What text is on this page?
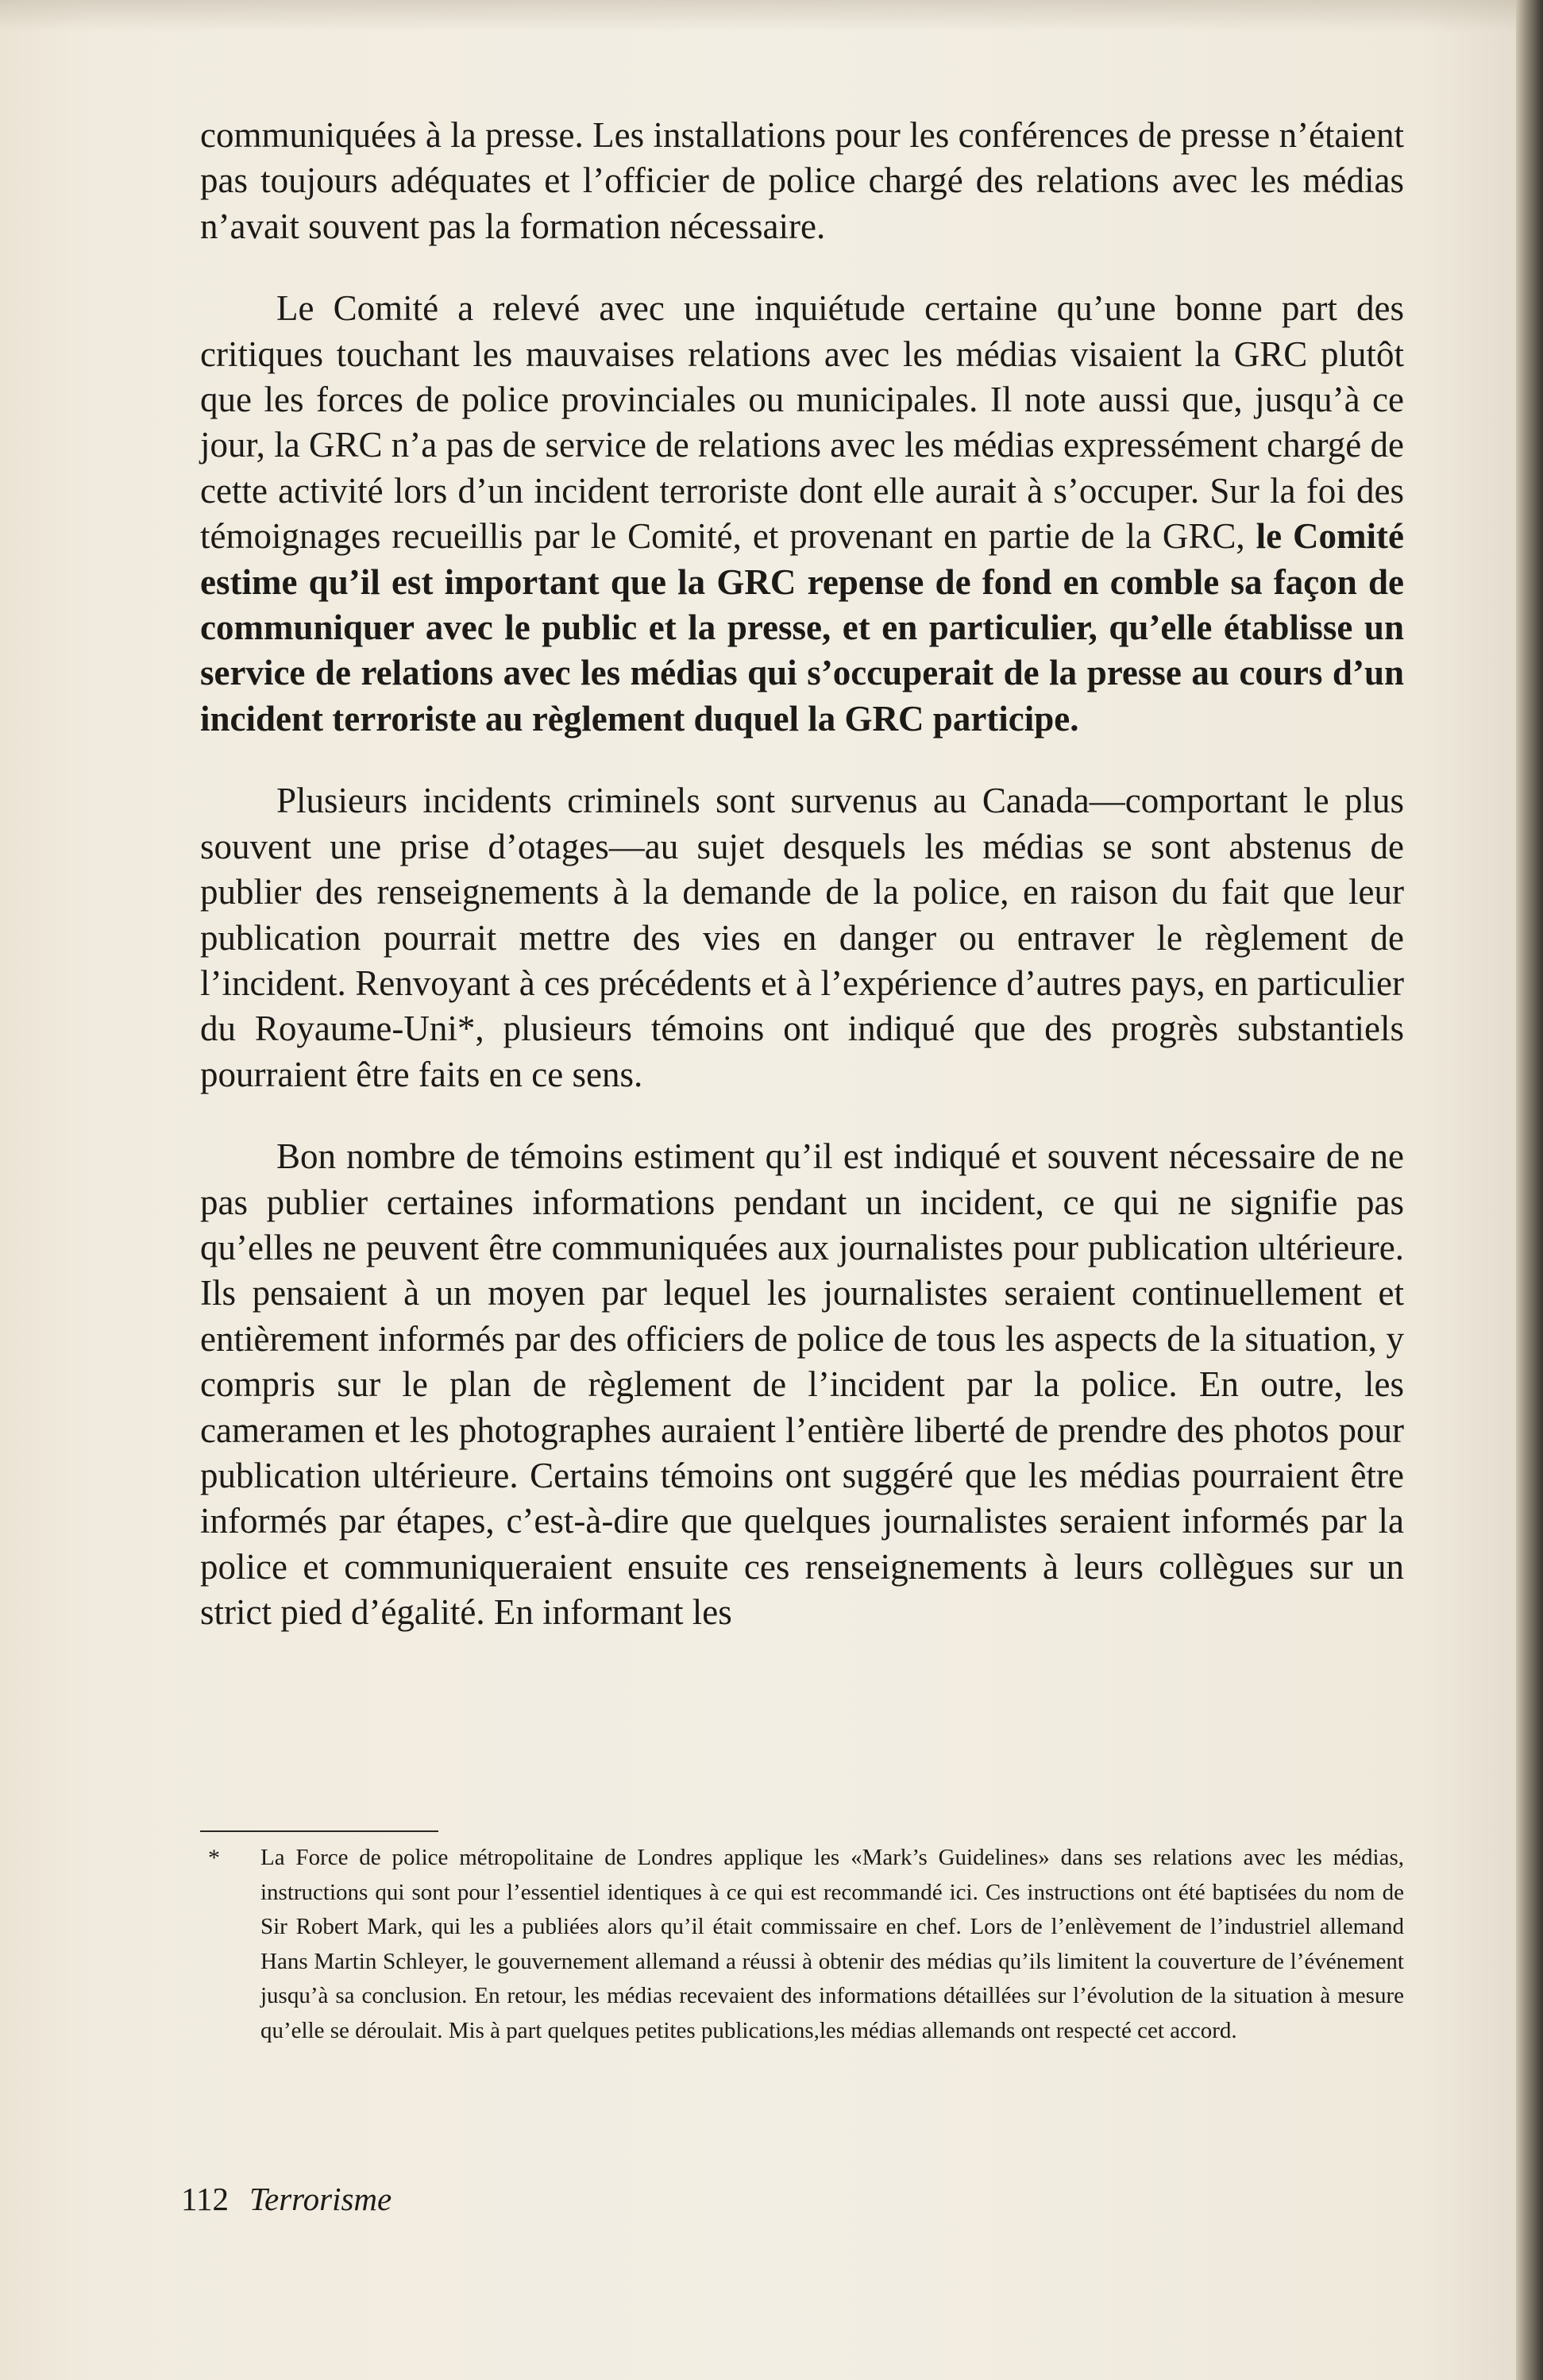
communiquées à la presse. Les installations pour les conférences de presse n’étaient pas toujours adéquates et l’officier de police chargé des relations avec les médias n’avait souvent pas la formation nécessaire.

Le Comité a relevé avec une inquiétude certaine qu’une bonne part des critiques touchant les mauvaises relations avec les médias visaient la GRC plutôt que les forces de police provinciales ou municipales. Il note aussi que, jusqu’à ce jour, la GRC n’a pas de service de relations avec les médias expressément chargé de cette activité lors d’un incident terroriste dont elle aurait à s’occuper. Sur la foi des témoignages recueillis par le Comité, et provenant en partie de la GRC, le Comité estime qu’il est important que la GRC repense de fond en comble sa façon de communiquer avec le public et la presse, et en particulier, qu’elle établisse un service de relations avec les médias qui s’occuperait de la presse au cours d’un incident terroriste au règlement duquel la GRC participe.

Plusieurs incidents criminels sont survenus au Canada—comportant le plus souvent une prise d’otages—au sujet desquels les médias se sont abstenus de publier des renseignements à la demande de la police, en raison du fait que leur publication pourrait mettre des vies en danger ou entraver le règlement de l’incident. Renvoyant à ces précédents et à l’expérience d’autres pays, en particulier du Royaume-Uni*, plusieurs témoins ont indiqué que des progrès substantiels pourraient être faits en ce sens.

Bon nombre de témoins estiment qu’il est indiqué et souvent nécessaire de ne pas publier certaines informations pendant un incident, ce qui ne signifie pas qu’elles ne peuvent être communiquées aux journalistes pour publication ultérieure. Ils pensaient à un moyen par lequel les journalistes seraient continuellement et entièrement informés par des officiers de police de tous les aspects de la situation, y compris sur le plan de règlement de l’incident par la police. En outre, les cameramen et les photographes auraient l’entière liberté de prendre des photos pour publication ultérieure. Certains témoins ont suggéré que les médias pourraient être informés par étapes, c’est-à-dire que quelques journalistes seraient informés par la police et communiqueraient ensuite ces renseignements à leurs collègues sur un strict pied d’égalité. En informant les

* La Force de police métropolitaine de Londres applique les «Mark’s Guidelines» dans ses relations avec les médias, instructions qui sont pour l’essentiel identiques à ce qui est recommandé ici. Ces instructions ont été baptisées du nom de Sir Robert Mark, qui les a publiées alors qu’il était commissaire en chef. Lors de l’enlèvement de l’industriel allemand Hans Martin Schleyer, le gouvernement allemand a réussi à obtenir des médias qu’ils limitent la couverture de l’événement jusqu’à sa conclusion. En retour, les médias recevaient des informations détaillées sur l’évolution de la situation à mesure qu’elle se déroulait. Mis à part quelques petites publications,les médias allemands ont respecté cet accord.
112 Terrorisme
